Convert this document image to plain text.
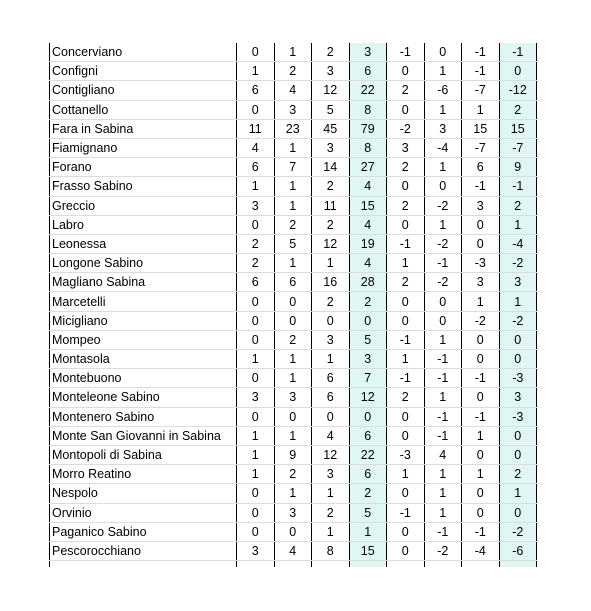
Concerviano	0	1	2	3	-1	0	-1	-1
Configni	1	2	3	6	0	1	-1	0
Contigliano	6	4	12	22	2	-6	-7	-12
Cottanello	0	3	5	8	0	1	1	2
Fara in Sabina	11	23	45	79	-2	3	15	15
Fiamignano	4	1	3	8	3	-4	-7	-7
Forano	6	7	14	27	2	1	6	9
Frasso Sabino	1	1	2	4	0	0	-1	-1
Greccio	3	1	11	15	2	-2	3	2
Labro	0	2	2	4	0	1	0	1
Leonessa	2	5	12	19	-1	-2	0	-4
Longone Sabino	2	1	1	4	1	-1	-3	-2
Magliano Sabina	6	6	16	28	2	-2	3	3
Marcetelli	0	0	2	2	0	0	1	1
Micigliano	0	0	0	0	0	0	-2	-2
Mompeo	0	2	3	5	-1	1	0	0
Montasola	1	1	1	3	1	-1	0	0
Montebuono	0	1	6	7	-1	-1	-1	-3
Monteleone Sabino	3	3	6	12	2	1	0	3
Montenero Sabino	0	0	0	0	0	-1	-1	-3
Monte San Giovanni in Sabina	1	1	4	6	0	-1	1	0
Montopoli di Sabina	1	9	12	22	-3	4	0	0
Morro Reatino	1	2	3	6	1	1	1	2
Nespolo	0	1	1	2	0	1	0	1
Orvinio	0	3	2	5	-1	1	0	0
Paganico Sabino	0	0	1	1	0	-1	-1	-2
Pescorocchiano	3	4	8	15	0	-2	-4	-6
